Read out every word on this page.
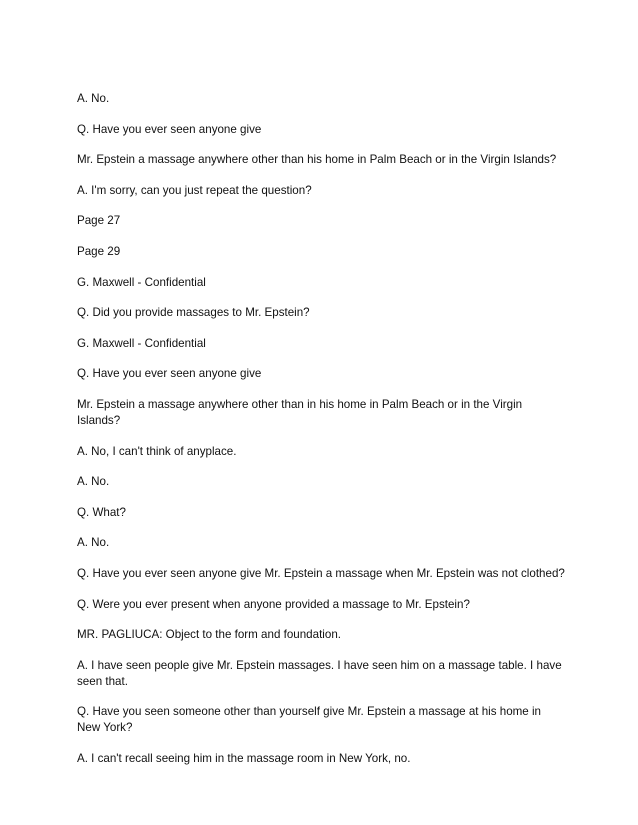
A. No.

Q. Have you ever seen anyone give

Mr. Epstein a massage anywhere other than his home in Palm Beach or in the Virgin Islands?

A. I'm sorry, can you just repeat the question?

Page 27

Page 29

G. Maxwell - Confidential

Q. Did you provide massages to Mr. Epstein?

G. Maxwell - Confidential

Q. Have you ever seen anyone give

Mr. Epstein a massage anywhere other than in his home in Palm Beach or in the Virgin Islands?

A. No, I can't think of anyplace.

A. No.

Q. What?

A. No.

Q. Have you ever seen anyone give Mr. Epstein a massage when Mr. Epstein was not clothed?

Q. Were you ever present when anyone provided a massage to Mr. Epstein?

MR. PAGLIUCA: Object to the form and foundation.

A. I have seen people give Mr. Epstein massages. I have seen him on a massage table. I have seen that.

Q. Have you seen someone other than yourself give Mr. Epstein a massage at his home in New York?

A. I can't recall seeing him in the massage room in New York, no.
